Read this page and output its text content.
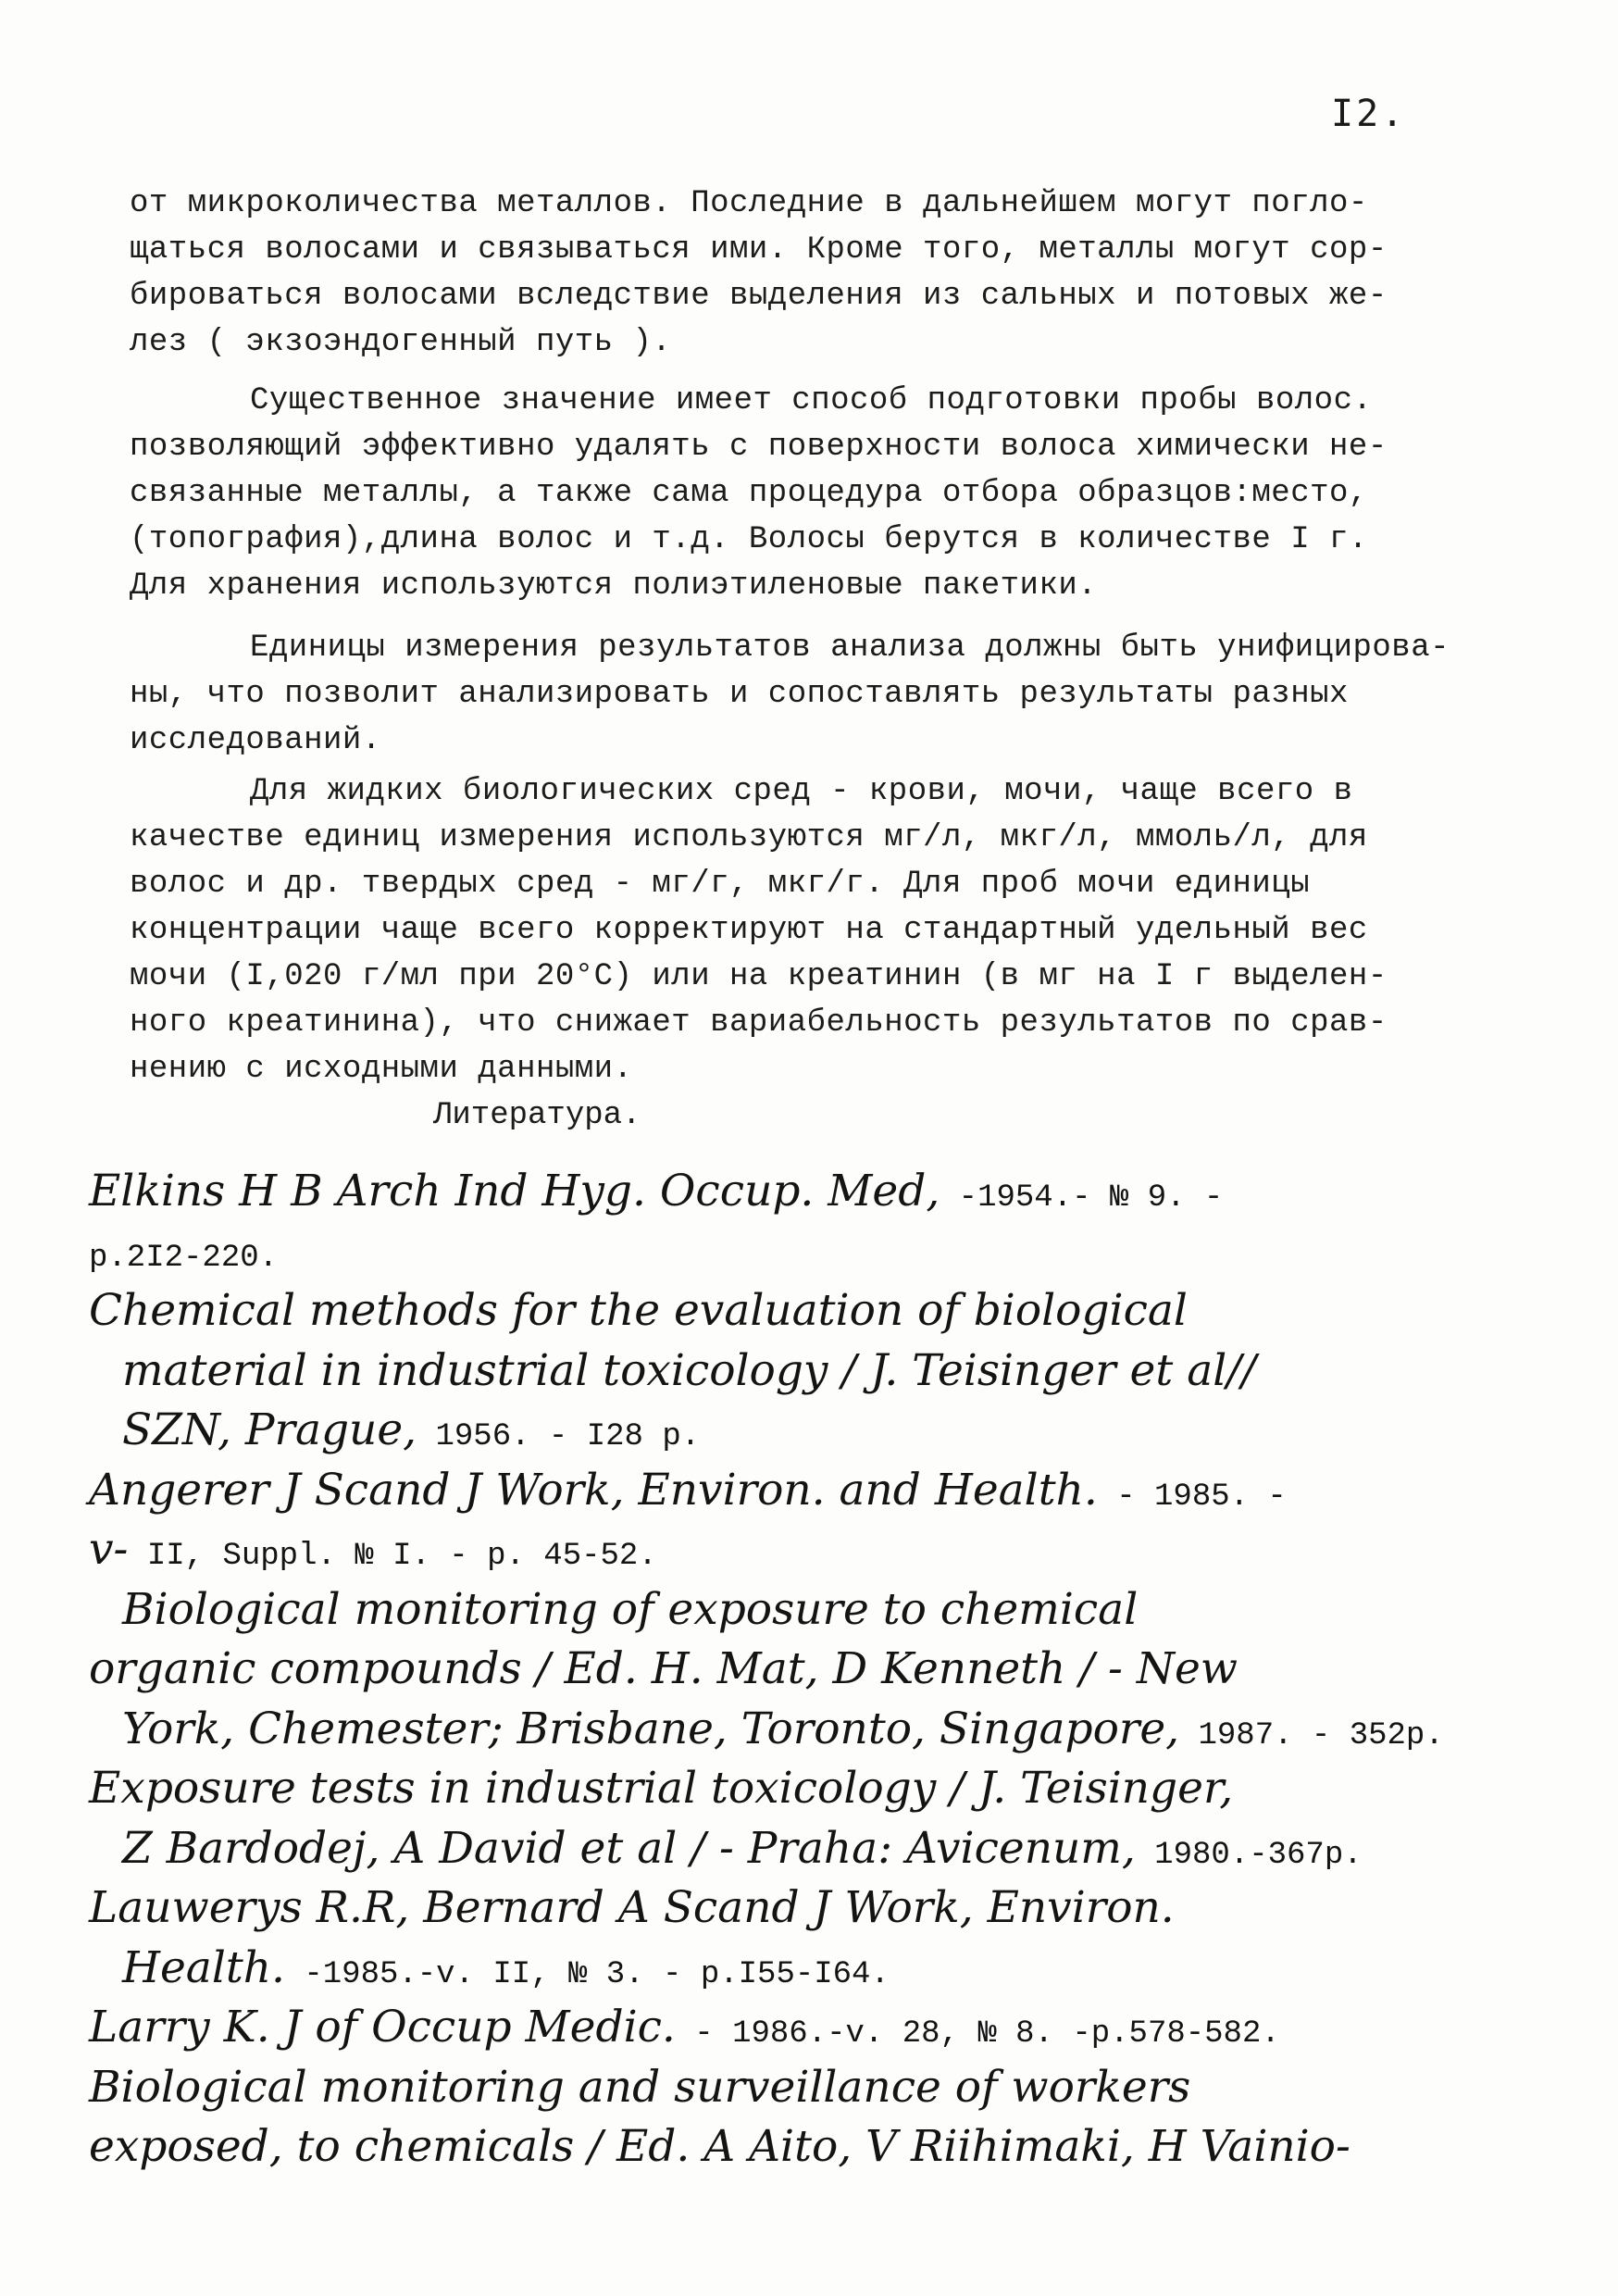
I2.
от микроколичества металлов. Последние в дальнейшем могут погло-
щаться волосами и связываться ими. Кроме того, металлы могут сор-
бироваться волосами вследствие выделения из сальных и потовых же-
лез ( экзоэндогенный путь ).
Существенное значение имеет способ подготовки пробы волос.
позволяющий эффективно удалять с поверхности волоса химически не-
связанные металлы, а также сама процедура отбора образцов:место,
(топография),длина волос и т.д. Волосы берутся в количестве I г.
Для хранения используются полиэтиленовые пакетики.
Единицы измерения результатов анализа должны быть унифицирова-
ны, что позволит анализировать и сопоставлять результаты разных
исследований.
Для жидких биологических сред - крови, мочи, чаще всего в
качестве единиц измерения используются мг/л, мкг/л, ммоль/л, для
волос и др. твердых сред - мг/г, мкг/г. Для проб мочи единицы
концентрации чаще всего корректируют на стандартный удельный вес
мочи (I,020 г/мл при 20°С) или на креатинин (в мг на I г выделен-
ного креатинина), что снижает вариабельность результатов по срав-
нению с исходными данными.
Литература.
Elkins H B Arch Ind Hyg. Occup. Med, -1954.- № 9. -
p.2I2-220.
Chemical methods for the evaluation of biological
material in industrial toxicology / J. Teisinger et al//
SZN, Prague, 1956. - I28 p.
Angerer J Scand J Work, Environ. and Health. - 1985. -
v- II, Suppl. № I. - p. 45-52.
Biological monitoring of exposure to chemical
organic compounds / Ed. H. Mat, D Kenneth / - New
York, Chemester; Brisbane, Toronto, Singapore, 1987. - 352p.
Exposure tests in industrial toxicology / J. Teisinger,
Z Bardodej, A David et al / - Praha: Avicenum, 1980.-367p.
Lauwerys R.R, Bernard A Scand J Work, Environ.
Health. -1985.-v. II, № 3. - p.I55-I64.
Larry K. J of Occup Medic. - 1986.-v. 28, № 8. -p.578-582.
Biological monitoring and surveillance of workers
exposed, to chemicals / Ed. A Aito, V Riihimaki, H Vainio-
